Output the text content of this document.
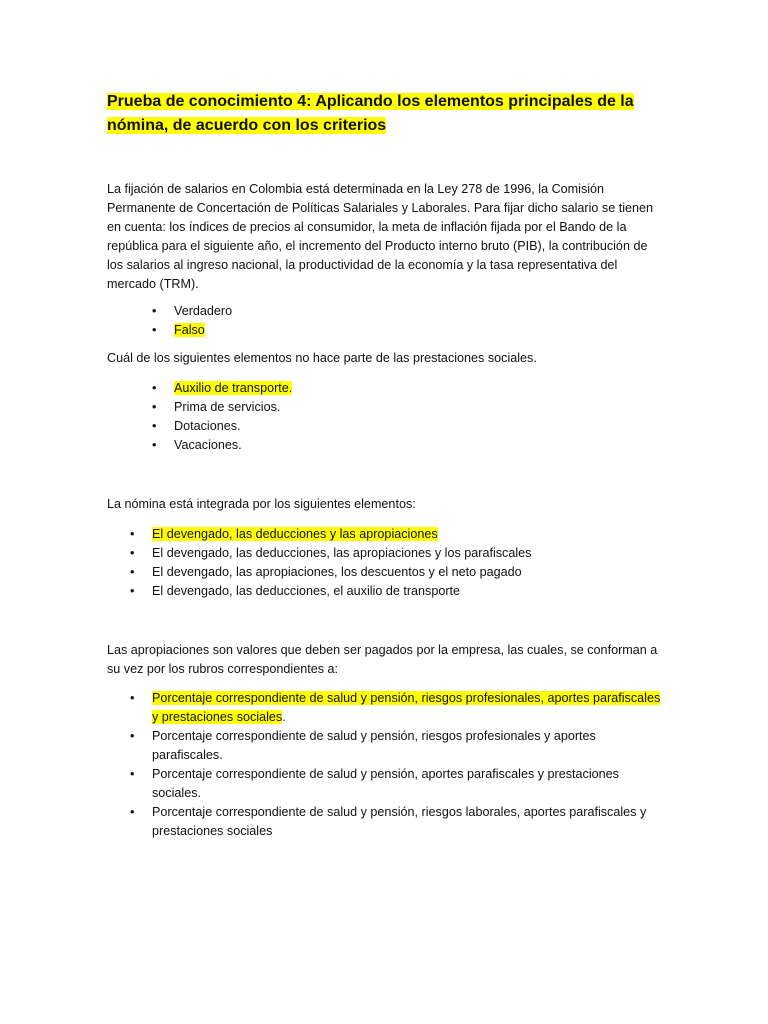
Prueba de conocimiento 4: Aplicando los elementos principales de la nómina, de acuerdo con los criterios

La fijación de salarios en Colombia está determinada en la Ley 278 de 1996, la Comisión Permanente de Concertación de Políticas Salariales y Laborales. Para fijar dicho salario se tienen en cuenta: los índices de precios al consumidor, la meta de inflación fijada por el Bando de la república para el siguiente año, el incremento del Producto interno bruto (PIB), la contribución de los salarios al ingreso nacional, la productividad de la economía y la tasa representativa del mercado (TRM).

• Verdadero
• Falso

Cuál de los siguientes elementos no hace parte de las prestaciones sociales.

• Auxilio de transporte.
• Prima de servicios.
• Dotaciones.
• Vacaciones.

La nómina está integrada por los siguientes elementos:

• El devengado, las deducciones y las apropiaciones
• El devengado, las deducciones, las apropiaciones y los parafiscales
• El devengado, las apropiaciones, los descuentos y el neto pagado
• El devengado, las deducciones, el auxilio de transporte

Las apropiaciones son valores que deben ser pagados por la empresa, las cuales, se conforman a su vez por los rubros correspondientes a:

• Porcentaje correspondiente de salud y pensión, riesgos profesionales, aportes parafiscales y prestaciones sociales.
• Porcentaje correspondiente de salud y pensión, riesgos profesionales y aportes parafiscales.
• Porcentaje correspondiente de salud y pensión, aportes parafiscales y prestaciones sociales.
• Porcentaje correspondiente de salud y pensión, riesgos laborales, aportes parafiscales y prestaciones sociales
